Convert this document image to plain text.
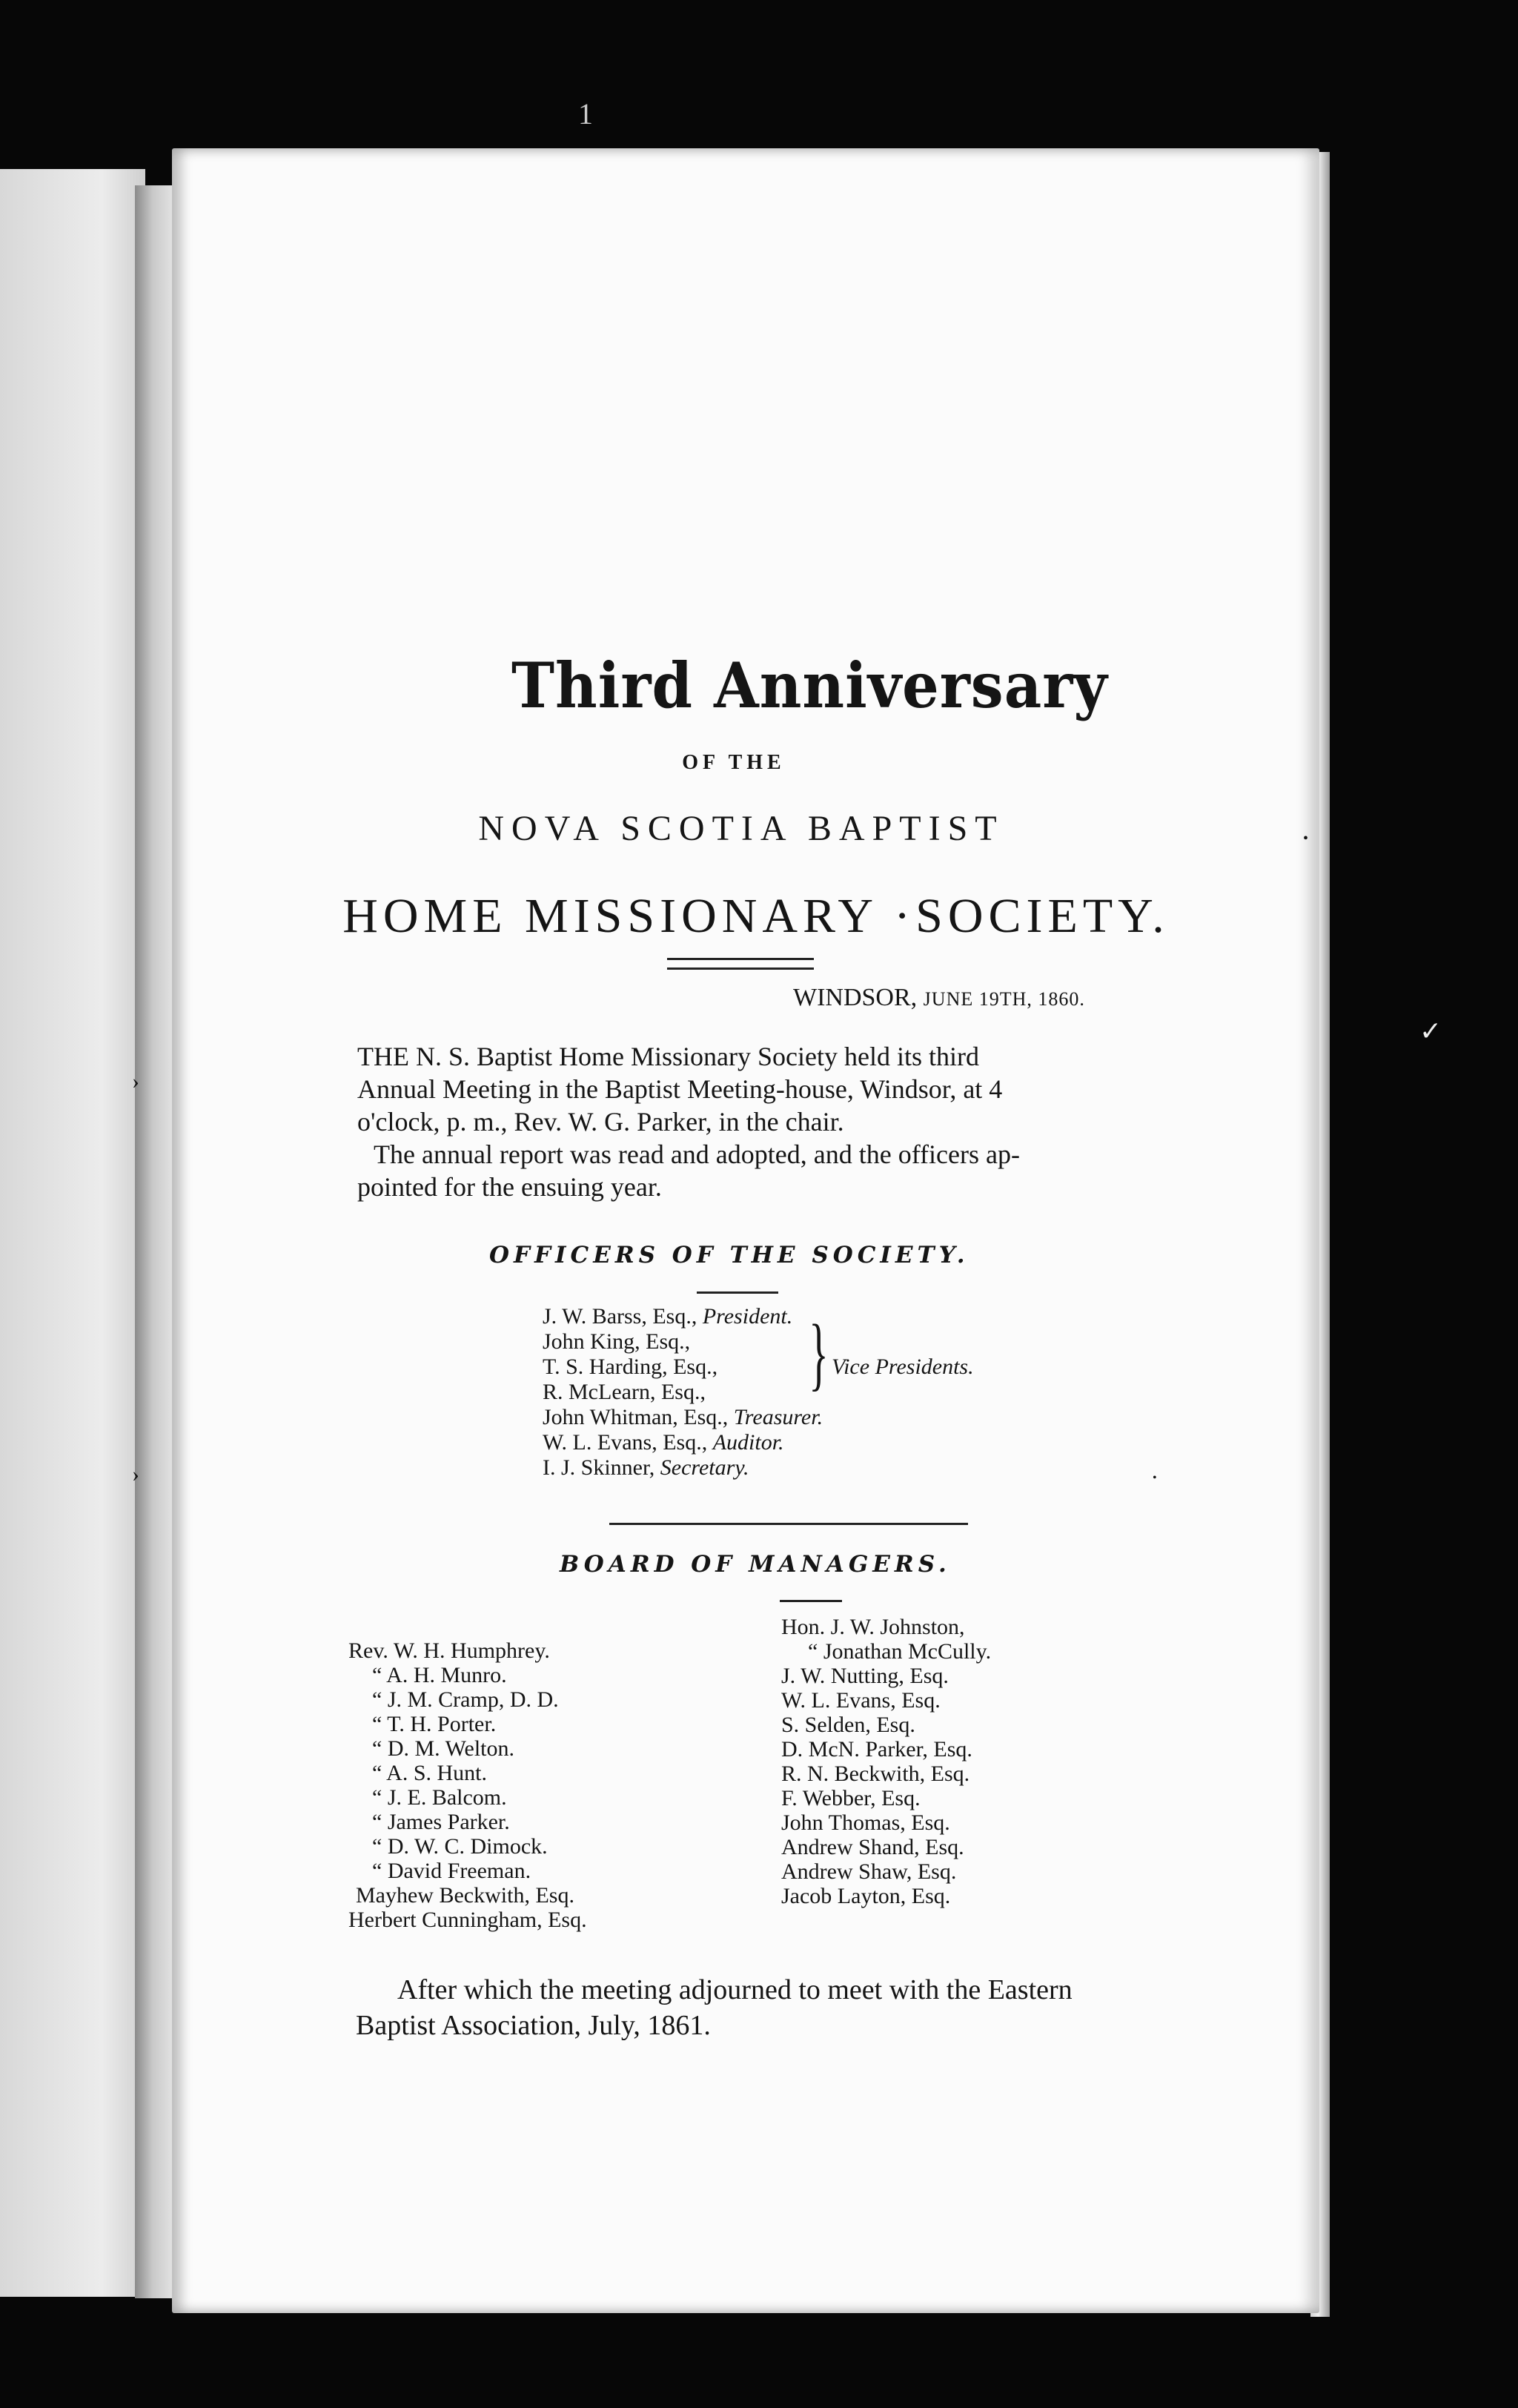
1
Third Anniversary
OF THE
NOVA SCOTIA BAPTIST
HOME MISSIONARY ·SOCIETY.
WINDSOR, JUNE 19TH, 1860.
THE N. S. Baptist Home Missionary Society held its third
Annual Meeting in the Baptist Meeting-house, Windsor, at 4
o'clock, p. m., Rev. W. G. Parker, in the chair.
The annual report was read and adopted, and the officers ap-
pointed for the ensuing year.
OFFICERS OF THE SOCIETY.
J. W. Barss, Esq., President.
John King, Esq.,
T. S. Harding, Esq.,
R. McLearn, Esq., } Vice Presidents.
John Whitman, Esq., Treasurer.
W. L. Evans, Esq., Auditor.
I. J. Skinner, Secretary.
BOARD OF MANAGERS.
Rev. W. H. Humphrey.
“ A. H. Munro.
“ J. M. Cramp, D. D.
“ T. H. Porter.
“ D. M. Welton.
“ A. S. Hunt.
“ J. E. Balcom.
“ James Parker.
“ D. W. C. Dimock.
“ David Freeman.
Mayhew Beckwith, Esq.
Herbert Cunningham, Esq.
Hon. J. W. Johnston,
“ Jonathan McCully.
J. W. Nutting, Esq.
W. L. Evans, Esq.
S. Selden, Esq.
D. McN. Parker, Esq.
R. N. Beckwith, Esq.
F. Webber, Esq.
John Thomas, Esq.
Andrew Shand, Esq.
Andrew Shaw, Esq.
Jacob Layton, Esq.
After which the meeting adjourned to meet with the Eastern
Baptist Association, July, 1861.
•
✓
•
›
›
